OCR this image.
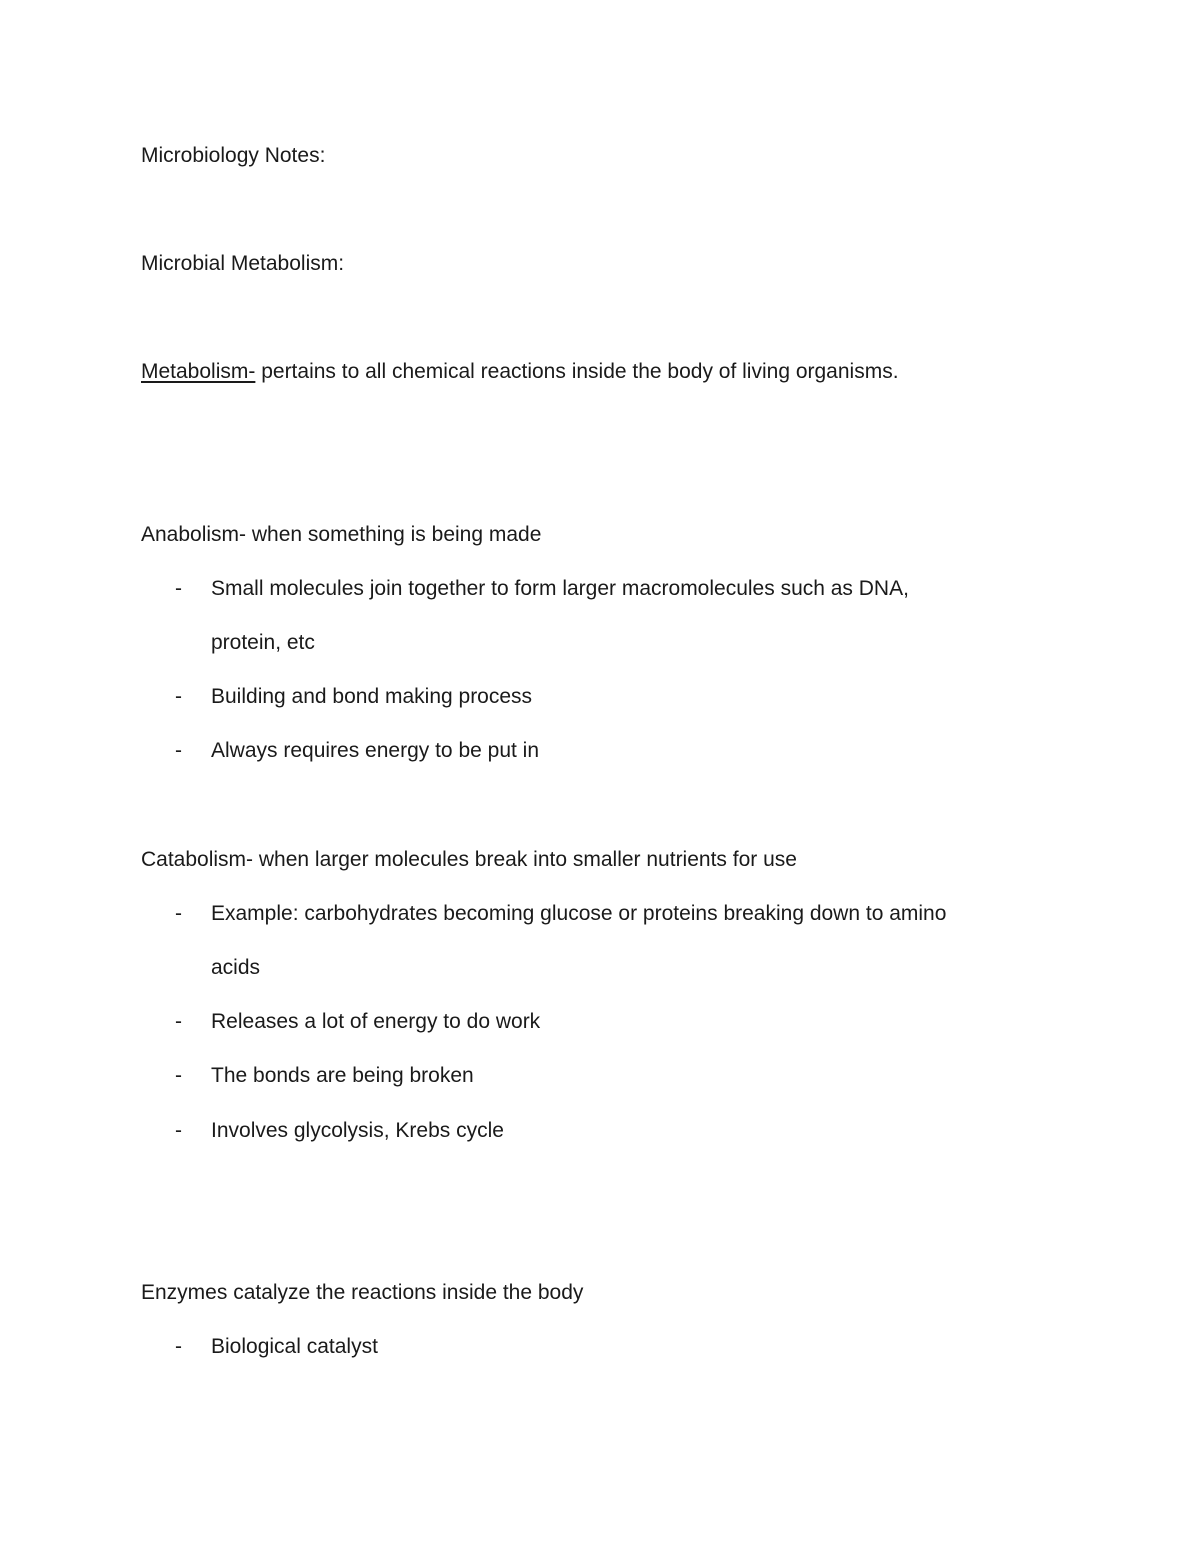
Microbiology Notes:
Microbial Metabolism:
Metabolism- pertains to all chemical reactions inside the body of living organisms.
Anabolism- when something is being made
- Small molecules join together to form larger macromolecules such as DNA,
protein, etc
- Building and bond making process
- Always requires energy to be put in
Catabolism- when larger molecules break into smaller nutrients for use
- Example: carbohydrates becoming glucose or proteins breaking down to amino
acids
- Releases a lot of energy to do work
- The bonds are being broken
- Involves glycolysis, Krebs cycle
Enzymes catalyze the reactions inside the body
- Biological catalyst
